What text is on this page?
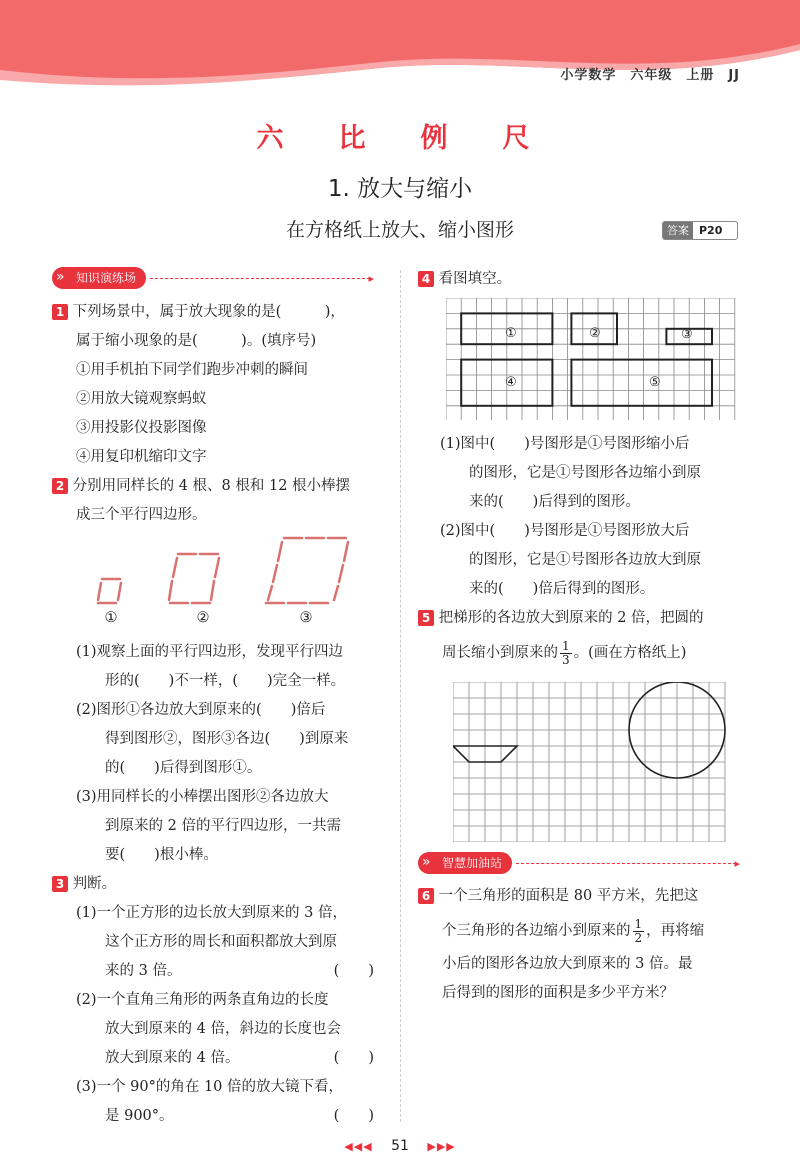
小学数学　六年级　上册　JJ
六　比　例　尺
1. 放大与缩小
在方格纸上放大、缩小图形	答案 P20
» 知识演练场	▸
1 下列场景中，属于放大现象的是(　　　)，
属于缩小现象的是(　　　)。(填序号)
①用手机拍下同学们跑步冲刺的瞬间
②用放大镜观察蚂蚁
③用投影仪投影图像
④用复印机缩印文字
2 分别用同样长的 4 根、8 根和 12 根小棒摆
成三个平行四边形。
①	②	③
(1)观察上面的平行四边形，发现平行四边
　　形的(　　)不一样，(　　)完全一样。
(2)图形①各边放大到原来的(　　)倍后
　　得到图形②，图形③各边(　　)到原来
　　的(　　)后得到图形①。
(3)用同样长的小棒摆出图形②各边放大
　　到原来的 2 倍的平行四边形，一共需
　　要(　　)根小棒。
3 判断。
(1)一个正方形的边长放大到原来的 3 倍，
　　这个正方形的周长和面积都放大到原
　　来的 3 倍。	(　　)
(2)一个直角三角形的两条直角边的长度
　　放大到原来的 4 倍，斜边的长度也会
　　放大到原来的 4 倍。	(　　)
(3)一个 90°的角在 10 倍的放大镜下看，
　　是 900°。	(　　)
4 看图填空。
①	②	③
④	⑤
(1)图中(　　)号图形是①号图形缩小后
　　的图形，它是①号图形各边缩小到原
　　来的(　　)后得到的图形。
(2)图中(　　)号图形是①号图形放大后
　　的图形，它是①号图形各边放大到原
　　来的(　　)倍后得到的图形。
5 把梯形的各边放大到原来的 2 倍，把圆的
周长缩小到原来的 $\frac{1}{3}$ 。(画在方格纸上)
» 智慧加油站	▸
6 一个三角形的面积是 80 平方米，先把这
个三角形的各边缩小到原来的 $\frac{1}{2}$ ，再将缩
小后的图形各边放大到原来的 3 倍。最
后得到的图形的面积是多少平方米？
◀◀◀ 51 ▶▶▶
